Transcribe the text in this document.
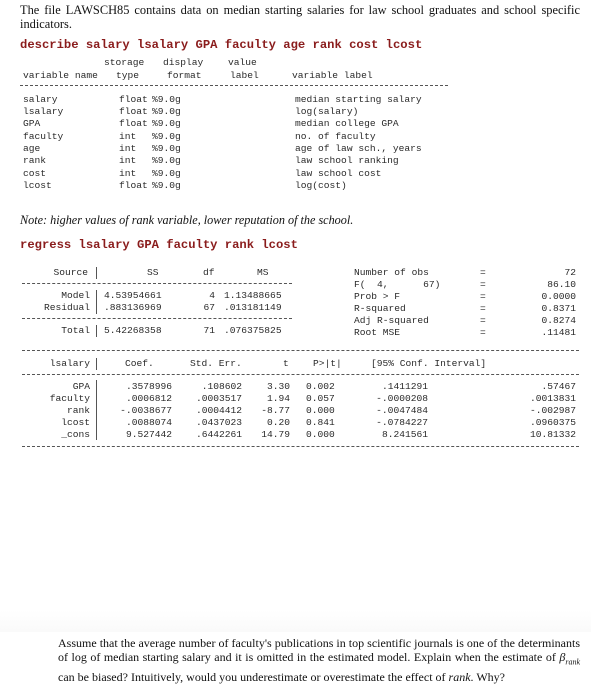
The file LAWSCH85 contains data on median starting salaries for law school graduates and school specific indicators.
describe salary lsalary GPA faculty age rank cost lcost
storage display	value
variable name type	format	label	variable label
salary	float %9.0g	median starting salary
lsalary	float %9.0g	log(salary)
GPA	float %9.0g	median college GPA
faculty	int %9.0g	no. of faculty
age	int %9.0g	age of law sch., years
rank	int %9.0g	law school ranking
cost	int %9.0g	law school cost
lcost	float %9.0g	log(cost)
Note: higher values of rank variable, lower reputation of the school.
regress lsalary GPA faculty rank lcost
Source	SS	df	MS
Model 4.53954661	4 1.13488665
Residual .883136969	67 .013181149
Total 5.42268358	71 .076375825
Number of obs	=	72
F(  4,      67)	=	86.10
Prob > F	=	0.0000
R-squared	=	0.8371
Adj R-squared	=	0.8274
Root MSE	=	.11481
lsalary	Coef.	Std. Err.	t	P>|t|	[95% Conf. Interval]
GPA	.3578996	.108602	3.30 0.002	.1411291	.57467
faculty	.0006812	.0003517	1.94 0.057	-.0000208	.0013831
rank	-.0038677	.0004412	-8.77 0.000	-.0047484	-.002987
lcost	.0088074	.0437023	0.20 0.841	-.0784227	.0960375
_cons	9.527442	.6442261	14.79 0.000	8.241561	10.81332
Assume that the average number of faculty's publications in top scientific journals is one of the determinants of log of median starting salary and it is omitted in the estimated model. Explain when the estimate of $\beta_{rank}$ can be biased? Intuitively, would you underestimate or overestimate the effect of rank. Why?
